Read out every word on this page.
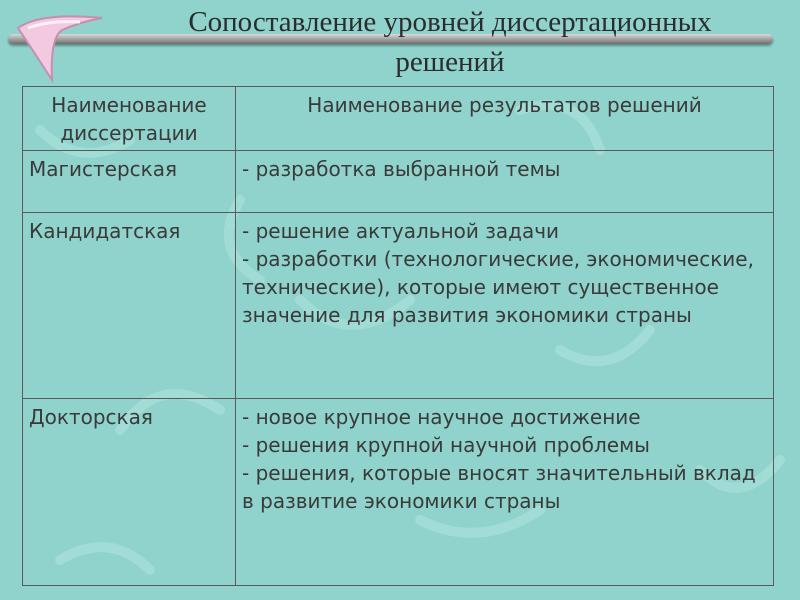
Сопоставление уровней диссертационных
решений
Наименование диссертации	Наименование результатов решений
Магистерская	- разработка выбранной темы

Кандидатская	- решение актуальной задачи
- разработки (технологические, экономические, технические), которые имеют существенное значение для развития экономики страны

Докторская	- новое крупное научное достижение
- решения крупной научной проблемы
- решения, которые вносят значительный вклад в развитие экономики страны
